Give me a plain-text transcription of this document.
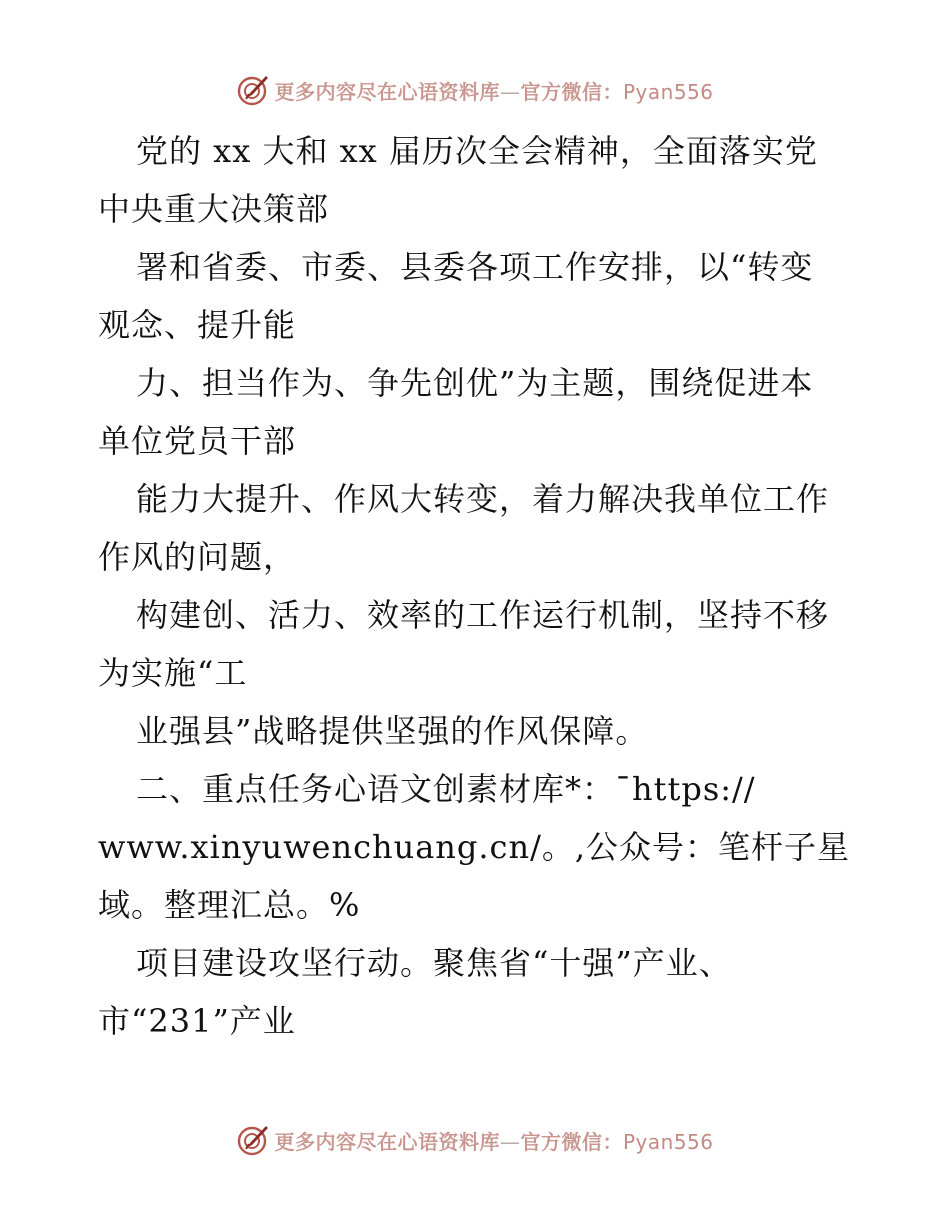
更多内容尽在心语资料库—官方微信：Pyan556
党的 xx 大和 xx 届历次全会精神，全面落实党
中央重大决策部
署和省委、市委、县委各项工作安排，以“转变
观念、提升能
力、担当作为、争先创优”为主题，围绕促进本
单位党员干部
能力大提升、作风大转变，着力解决我单位工作
作风的问题，
构建创、活力、效率的工作运行机制，坚持不移
为实施“工
业强县”战略提供坚强的作风保障。
二、重点任务心语文创素材库*：¯https://
www.xinyuwenchuang.cn/。,公众号：笔杆子星
域。整理汇总。%
项目建设攻坚行动。聚焦省“十强”产业、
市“231”产业
更多内容尽在心语资料库—官方微信：Pyan556
